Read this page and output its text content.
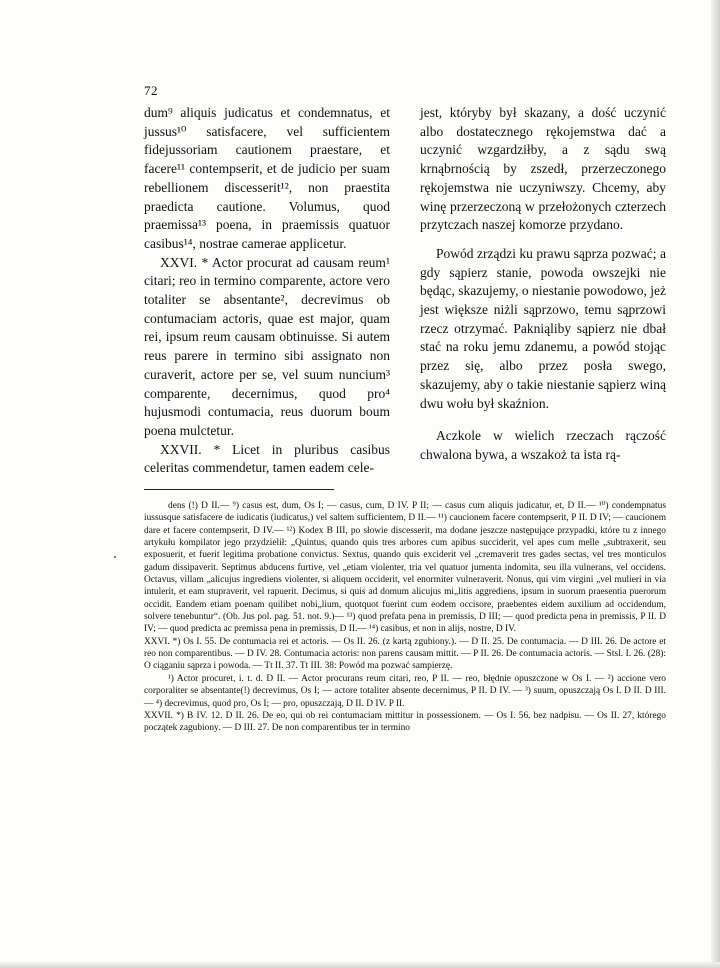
72

dum⁹ aliquis judicatus et condemnatus, et jussus¹⁰ satisfacere, vel sufficientem fidejussoriam cautionem praestare, et facere¹¹ contempserit, et de judicio per suam rebellionem discesserit¹², non praestita praedicta cautione. Volumus, quod praemissa¹³ poena, in praemissis quatuor casibus¹⁴, nostrae camerae applicetur.

XXVI. * Actor procurat ad causam reum¹ citari; reo in termino comparente, actore vero totaliter se absentante², decrevimus ob contumaciam actoris, quae est major, quam rei, ipsum reum causam obtinuisse. Si autem reus parere in termino sibi assignato non curaverit, actore per se, vel suum nuncium³ comparente, decernimus, quod pro⁴ hujusmodi contumacia, reus duorum boum poena mulctetur.

XXVII. * Licet in pluribus casibus celeritas commendetur, tamen eadem cele-

jest, któryby był skazany, a dość uczynić albo dostatecznego rękojemstwa dać a uczynić wzgardziłby, a z sądu swą krnąbrnością by zszedł, przerzeczonego rękojemstwa nie uczyniwszy. Chcemy, aby winę przerzeczoną w przełożonych czterzech przytczach naszej komorze przydano.

Powód zrządzi ku prawu sąprza pozwać; a gdy sąpierz stanie, powoda owszejki nie będąc, skazujemy, o niestanie powodowo, jeż jest większe niżli sąprzowo, temu sąprzowi rzecz otrzymać. Pakniąliby sąpierz nie dbał stać na roku jemu zdanemu, a powód stojąc przez się, albo przez posła swego, skazujemy, aby o takie niestanie sąpierz winą dwu wołu był skaźnion.

Aczkole w wielich rzeczach rączość chwalona bywa, a wszakoż ta ista rą-

dens (!) D II.— ⁹) casus est, dum, Os I; — casus, cum, D IV. P II; — casus cum aliquis judicatur, et, D II.— ¹⁰) condempnatus iussusque satisfacere de iudicatis (iudicatus,) vel saltem sufficientem, D II.— ¹¹) caucionem facere contempserit, P II. D IV; — caucionem dare et facere contempserit, D IV.— ¹²) Kodex B III, po słowie discesserit, ma dodane jeszcze następujące przypadki, które tu z innego artykułu kompilator jego przydzielił: „Quintus, quando quis tres arbores cum apibus succiderit, vel apes cum melle „subtraxerit, seu exposuerit, et fuerit legitima probatione convictus. Sextus, quando quis exciderit vel „cremaverit tres gades sectas, vel tres monticulos gadum dissipaverit. Septimus abducens furtive, vel „etiam violenter, tria vel quatuor jumenta indomita, seu illa vulnerans, vel occidens. Octavus, villam „alicujus ingrediens violenter, si aliquem occiderit, vel enormiter vulneraverit. Nonus, qui vim virgini „vel mulieri in via intulerit, et eam stupraverit, vel rapuerit. Decimus, si quis ad domum alicujus mi„litis aggrediens, ipsum in suorum praesentia puerorum occidit. Eandem etiam poenam quilibet nobi„lium, quotquot fuerint cum eodem occisore, praebentes eidem auxilium ad occidendum, solvere tenebuntur“. (Ob. Jus pol. pag. 51. not. 9.)— ¹³) quod prefata pena in premissis, D III; — quod predicta pena in premissis, P II. D IV; — quod predicta ac premissa pena in premissis, D II.— ¹⁴) casibus, et non in alijs, nostre, D IV.

XXVI. *) Os I. 55. De contumacia rei et actoris. — Os II. 26. (z kartą zgubiony.). — D II. 25. De contumacia. — D III. 26. De actore et reo non comparentibus. — D IV. 28. Contumacia actoris: non parens causam mittit. — P II. 26. De contumacia actoris. — Stsl. I. 26. (28): O ciąganiu sąprza i powoda. — Tt II. 37. Tt III. 38: Powód ma pozwać sampierzę.

¹) Actor procuret, i. t. d. D II. — Actor procurans reum citari, reo, P II. — reo, błędnie opuszczone w Os I. — ²) accione vero corporaliter se absentante(!) decrevimus, Os I; — actore totaliter absente decernimus, P II. D IV. — ³) suum, opuszczają Os I. D II. D III. — ⁴) decrevimus, quod pro, Os I; — pro, opuszczają, D II. D IV. P II.

XXVII. *) B IV. 12. D II. 26. De eo, qui ob rei contumaciam mittitur in possessionem. — Os I. 56. bez nadpisu. — Os II. 27, którego początek zagubiony. — D III. 27. De non comparentibus ter in termino
